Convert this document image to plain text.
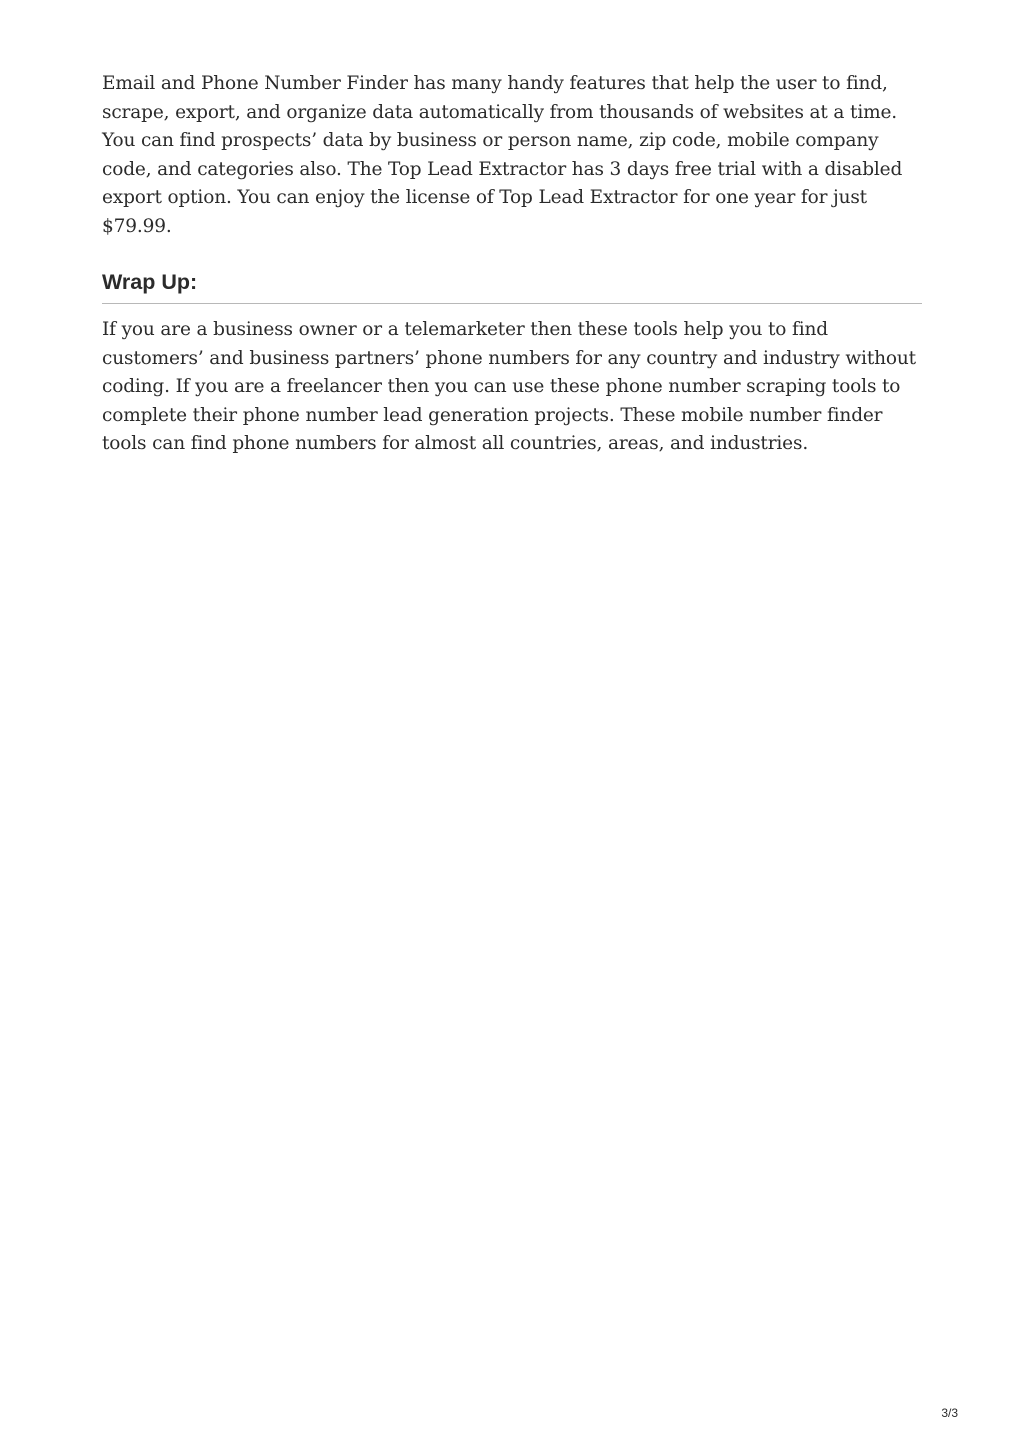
Email and Phone Number Finder has many handy features that help the user to find, scrape, export, and organize data automatically from thousands of websites at a time. You can find prospects’ data by business or person name, zip code, mobile company code, and categories also. The Top Lead Extractor has 3 days free trial with a disabled export option. You can enjoy the license of Top Lead Extractor for one year for just $79.99.

Wrap Up:

If you are a business owner or a telemarketer then these tools help you to find customers’ and business partners’ phone numbers for any country and industry without coding. If you are a freelancer then you can use these phone number scraping tools to complete their phone number lead generation projects. These mobile number finder tools can find phone numbers for almost all countries, areas, and industries.

3/3
